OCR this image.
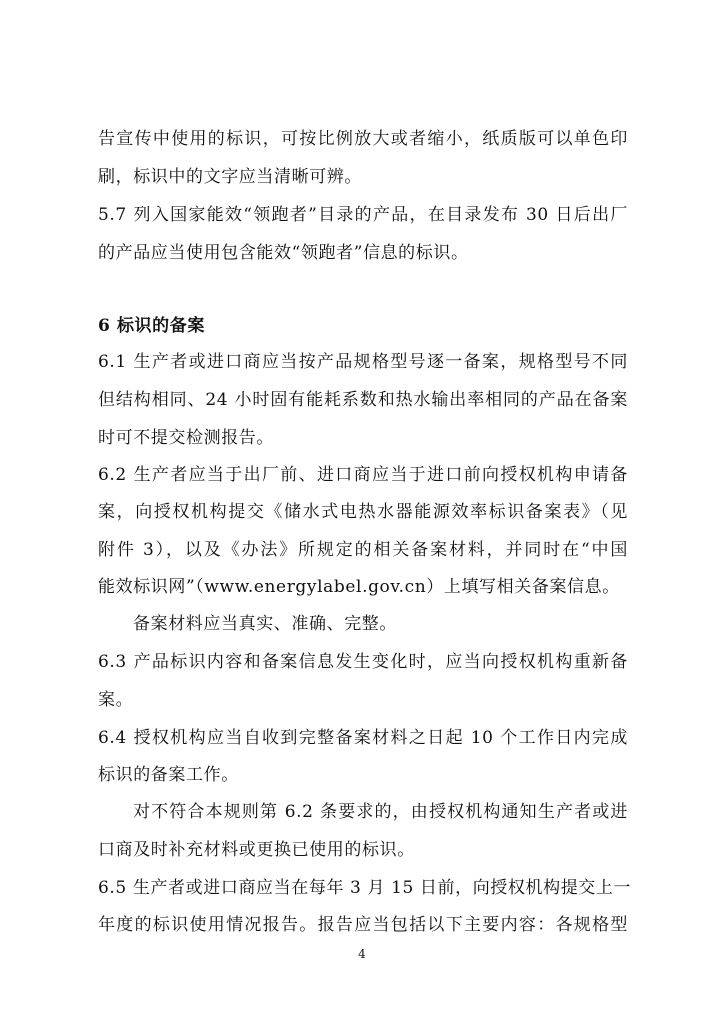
告宣传中使用的标识，可按比例放大或者缩小，纸质版可以单色印
刷，标识中的文字应当清晰可辨。
5.7 列入国家能效“领跑者”目录的产品，在目录发布 30 日后出厂
的产品应当使用包含能效“领跑者”信息的标识。
6 标识的备案
6.1 生产者或进口商应当按产品规格型号逐一备案，规格型号不同
但结构相同、24 小时固有能耗系数和热水输出率相同的产品在备案
时可不提交检测报告。
6.2 生产者应当于出厂前、进口商应当于进口前向授权机构申请备
案，向授权机构提交《储水式电热水器能源效率标识备案表》（见
附件 3），以及《办法》所规定的相关备案材料，并同时在“中国
能效标识网”（www.energylabel.gov.cn）上填写相关备案信息。
备案材料应当真实、准确、完整。
6.3 产品标识内容和备案信息发生变化时，应当向授权机构重新备
案。
6.4 授权机构应当自收到完整备案材料之日起 10 个工作日内完成
标识的备案工作。
对不符合本规则第 6.2 条要求的，由授权机构通知生产者或进
口商及时补充材料或更换已使用的标识。
6.5 生产者或进口商应当在每年 3 月 15 日前，向授权机构提交上一
年度的标识使用情况报告。报告应当包括以下主要内容：各规格型
4
